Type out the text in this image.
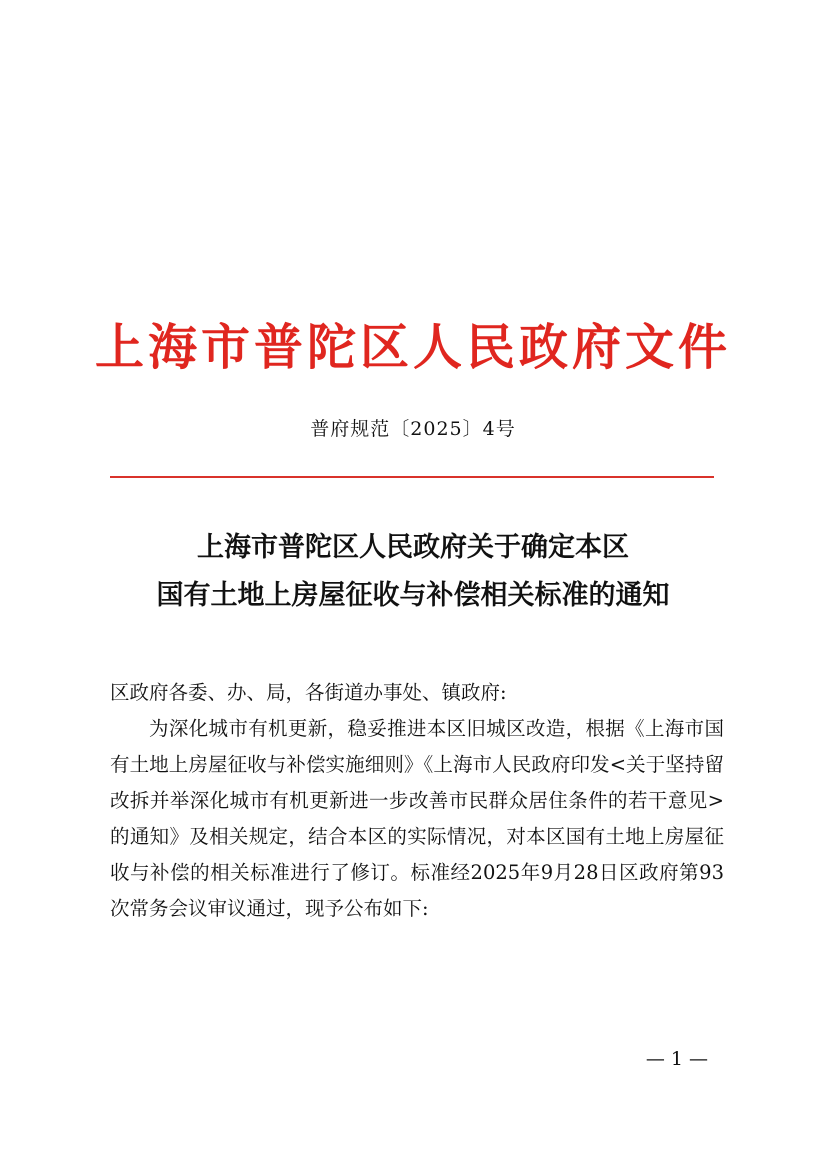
上海市普陀区人民政府文件
普府规范〔2025〕4号
上海市普陀区人民政府关于确定本区
国有土地上房屋征收与补偿相关标准的通知

区政府各委、办、局，各街道办事处、镇政府:

为深化城市有机更新，稳妥推进本区旧城区改造，根据《上海市国有土地上房屋征收与补偿实施细则》《上海市人民政府印发<关于坚持留改拆并举深化城市有机更新进一步改善市民群众居住条件的若干意见>的通知》及相关规定，结合本区的实际情况，对本区国有土地上房屋征收与补偿的相关标准进行了修订。标准经2025年9月28日区政府第93次常务会议审议通过，现予公布如下:

— 1 —
